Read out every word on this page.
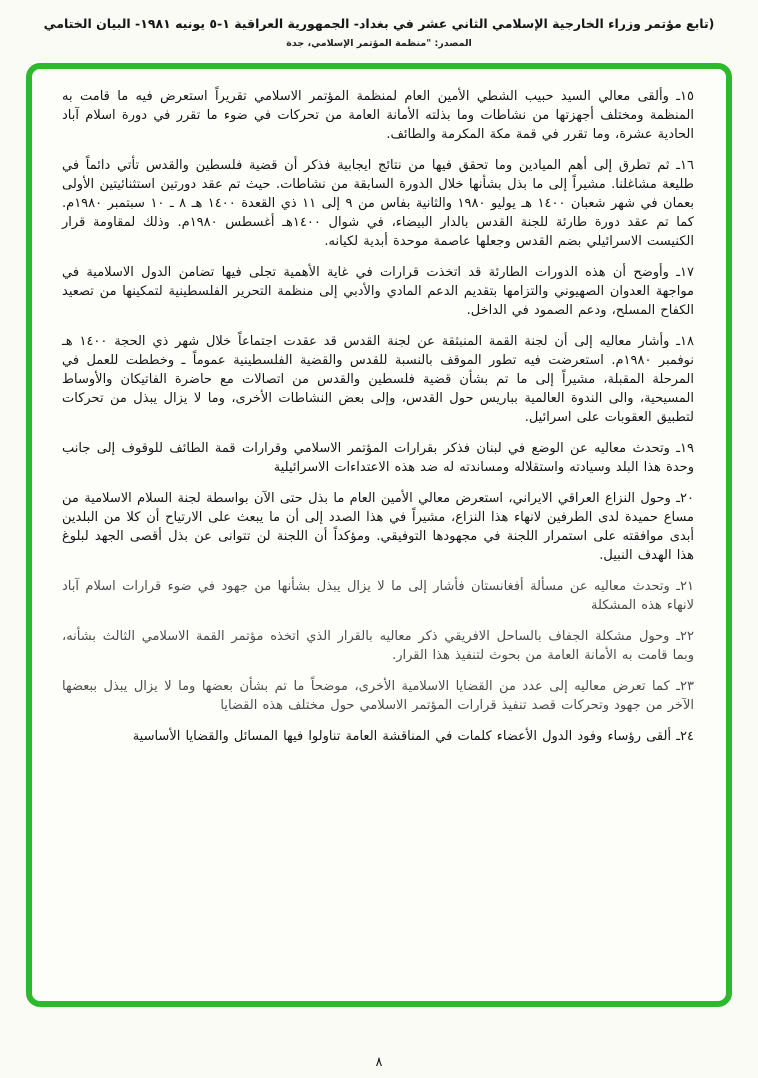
(تابع مؤتمر وزراء الخارجية الإسلامي الثاني عشر في بغداد- الجمهورية العراقية ١-٥ يونيه ١٩٨١- البيان الختامي
المصدر: "منظمة المؤتمر الإسلامي، جدة
١٥ـ وألقى معالي السيد حبيب الشطي الأمين العام لمنظمة المؤتمر الاسلامي تقريراً استعرض فيه ما قامت به المنظمة ومختلف أجهزتها من نشاطات وما بذلته الأمانة العامة من تحركات في ضوء ما تقرر في دورة اسلام آباد الحادية عشرة، وما تقرر في قمة مكة المكرمة والطائف.
١٦ـ ثم تطرق إلى أهم الميادين وما تحقق فيها من نتائج ايجابية فذكر أن قضية فلسطين والقدس تأتي دائماً في طليعة مشاغلنا. مشيراً إلى ما بذل بشأنها خلال الدورة السابقة من نشاطات. حيث تم عقد دورتين استثنائيتين الأولى بعمان في شهر شعبان ١٤٠٠ هـ يوليو ١٩٨٠ والثانية بفاس من ٩ إلى ١١ ذي القعدة ١٤٠٠ هـ ٨ ـ ١٠ سبتمبر ١٩٨٠م. كما تم عقد دورة طارئة للجنة القدس بالدار البيضاء، في شوال ١٤٠٠هـ أغسطس ١٩٨٠م. وذلك لمقاومة قرار الكنيست الاسرائيلي بضم القدس وجعلها عاصمة موحدة أبدية لكيانه.
١٧ـ وأوضح أن هذه الدورات الطارئة قد اتخذت قرارات في غاية الأهمية تجلى فيها تضامن الدول الاسلامية في مواجهة العدوان الصهيوني والتزامها بتقديم الدعم المادي والأدبي إلى منظمة التحرير الفلسطينية لتمكينها من تصعيد الكفاح المسلح، ودعم الصمود في الداخل.
١٨ـ وأشار معاليه إلى أن لجنة القمة المنبثقة عن لجنة القدس قد عقدت اجتماعاً خلال شهر ذي الحجة ١٤٠٠ هـ نوفمبر ١٩٨٠م. استعرضت فيه تطور الموقف بالنسبة للقدس والقضية الفلسطينية عموماً ـ وخططت للعمل في المرحلة المقبلة، مشيراً إلى ما تم بشأن قضية فلسطين والقدس من اتصالات مع حاضرة الفاتيكان والأوساط المسيحية، والى الندوة العالمية بباريس حول القدس، وإلى بعض النشاطات الأخرى، وما لا يزال يبذل من تحركات لتطبيق العقوبات على اسرائيل.
١٩ـ وتحدث معاليه عن الوضع في لبنان فذكر بقرارات المؤتمر الاسلامي وقرارات قمة الطائف للوقوف إلى جانب وحدة هذا البلد وسيادته واستقلاله ومساندته له ضد هذه الاعتداءات الاسرائيلية
٢٠ـ وحول النزاع العراقي الايراني، استعرض معالي الأمين العام ما بذل حتى الآن بواسطة لجنة السلام الاسلامية من مساع حميدة لدى الطرفين لانهاء هذا النزاع، مشيراً في هذا الصدد إلى أن ما يبعث على الارتياح أن كلا من البلدين أبدى موافقته على استمرار اللجنة في مجهودها التوفيقي. ومؤكداً أن اللجنة لن تتوانى عن بذل أقصى الجهد لبلوغ هذا الهدف النبيل.
٢١ـ وتحدث معاليه عن مسألة أفغانستان فأشار إلى ما لا يزال يبذل بشأنها من جهود في ضوء قرارات اسلام آباد لانهاء هذه المشكلة
٢٢ـ وحول مشكلة الجفاف بالساحل الافريقي ذكر معاليه بالقرار الذي اتخذه مؤتمر القمة الاسلامي الثالث بشأنه، وبما قامت به الأمانة العامة من بحوث لتنفيذ هذا القرار.
٢٣ـ كما تعرض معاليه إلى عدد من القضايا الاسلامية الأخرى، موضحاً ما تم بشأن بعضها وما لا يزال يبذل ببعضها الآخر من جهود وتحركات قصد تنفيذ قرارات المؤتمر الاسلامي حول مختلف هذه القضايا
٢٤ـ ألقى رؤساء وفود الدول الأعضاء كلمات في المناقشة العامة تناولوا فيها المسائل والقضايا الأساسية
٨
